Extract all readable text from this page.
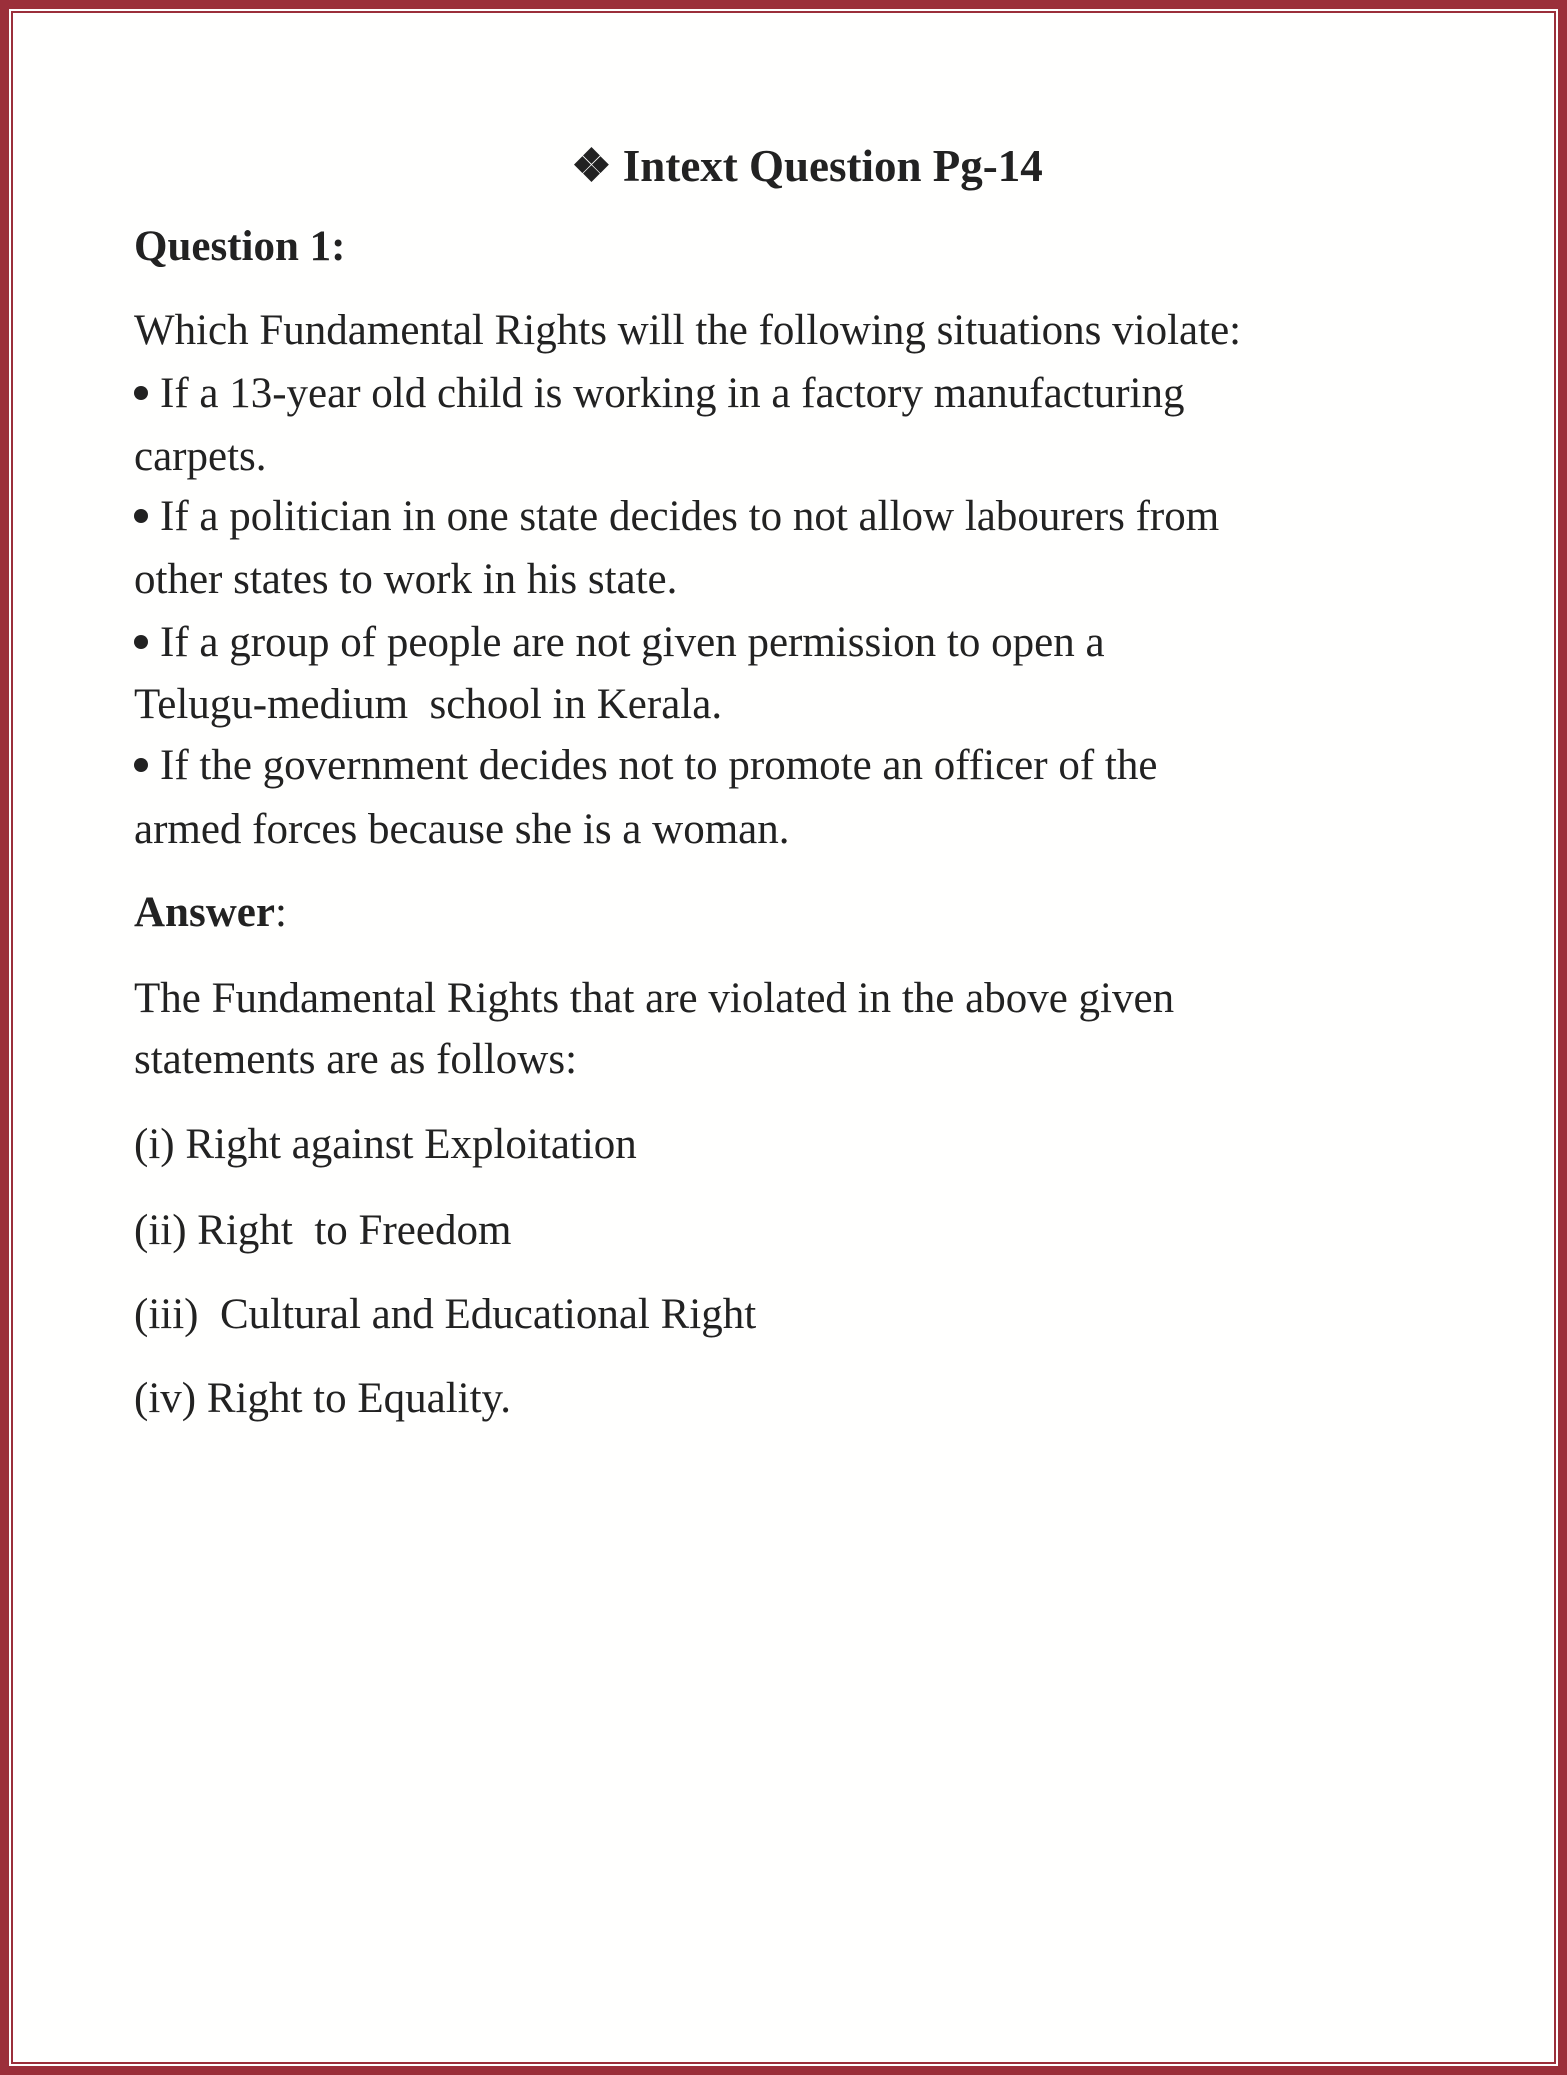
❖ Intext Question Pg-14
Question 1:
Which Fundamental Rights will the following situations violate:
If a 13-year old child is working in a factory manufacturing
carpets.
If a politician in one state decides to not allow labourers from
other states to work in his state.
If a group of people are not given permission to open a
Telugu-medium  school in Kerala.
If the government decides not to promote an officer of the
armed forces because she is a woman.
Answer:
The Fundamental Rights that are violated in the above given
statements are as follows:
(i) Right against Exploitation
(ii) Right  to Freedom
(iii)  Cultural and Educational Right
(iv) Right to Equality.
